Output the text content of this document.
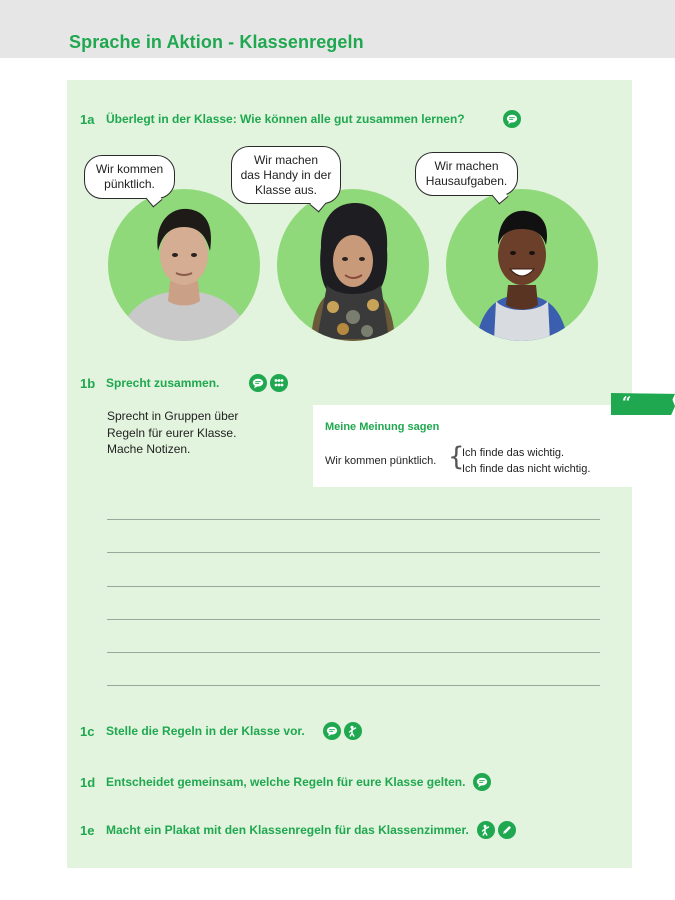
Sprache in Aktion - Klassenregeln
1a Überlegt in der Klasse: Wie können alle gut zusammen lernen?
Wir kommen
pünktlich.
Wir machen
das Handy in der
Klasse aus.
Wir machen
Hausaufgaben.
1b Sprecht zusammen.
Sprecht in Gruppen über
Regeln für eurer Klasse.
Mache Notizen.
Meine Meinung sagen
Wir kommen pünktlich. {
Ich finde das wichtig.
Ich finde das nicht wichtig.
“
1c Stelle die Regeln in der Klasse vor.
1d Entscheidet gemeinsam, welche Regeln für eure Klasse gelten.
1e Macht ein Plakat mit den Klassenregeln für das Klassenzimmer.
